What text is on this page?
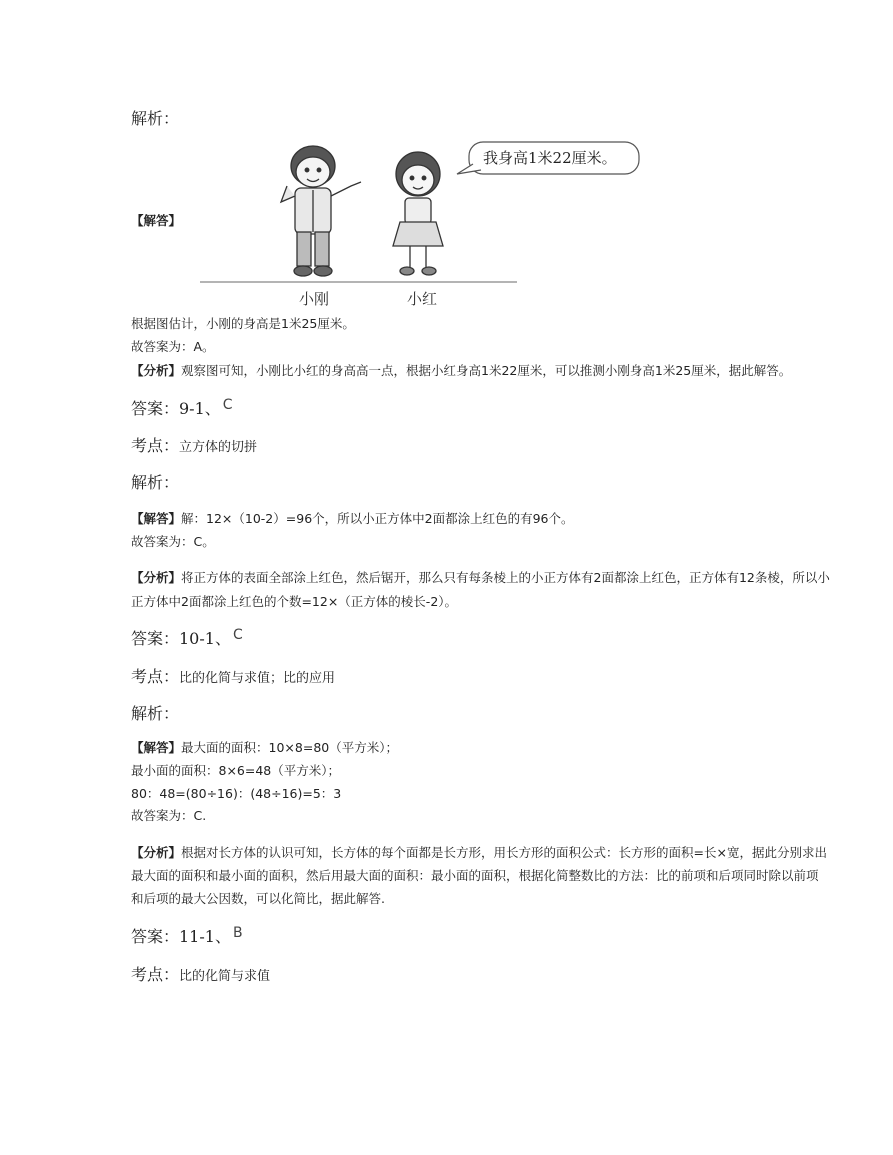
解析：
【解答】
我身高1米22厘米。
小刚	小红
根据图估计，小刚的身高是1米25厘米。
故答案为：A。
【分析】观察图可知，小刚比小红的身高高一点，根据小红身高1米22厘米，可以推测小刚身高1米25厘米，据此解答。
答案：9-1、 C
考点：立方体的切拼
解析：
【解答】解：12×（10-2）=96个，所以小正方体中2面都涂上红色的有96个。
故答案为：C。
【分析】将正方体的表面全部涂上红色，然后锯开，那么只有每条棱上的小正方体有2面都涂上红色，正方体有12条棱，所以小
正方体中2面都涂上红色的个数=12×（正方体的棱长-2）。
答案：10-1、 C
考点：比的化简与求值；比的应用
解析：
【解答】最大面的面积：10×8=80（平方米）；
最小面的面积：8×6=48（平方米）；
80：48=(80÷16)：(48÷16)=5：3
故答案为：C.
【分析】根据对长方体的认识可知，长方体的每个面都是长方形，用长方形的面积公式：长方形的面积=长×宽，据此分别求出
最大面的面积和最小面的面积，然后用最大面的面积：最小面的面积，根据化简整数比的方法：比的前项和后项同时除以前项
和后项的最大公因数，可以化简比，据此解答.
答案：11-1、 B
考点：比的化简与求值
